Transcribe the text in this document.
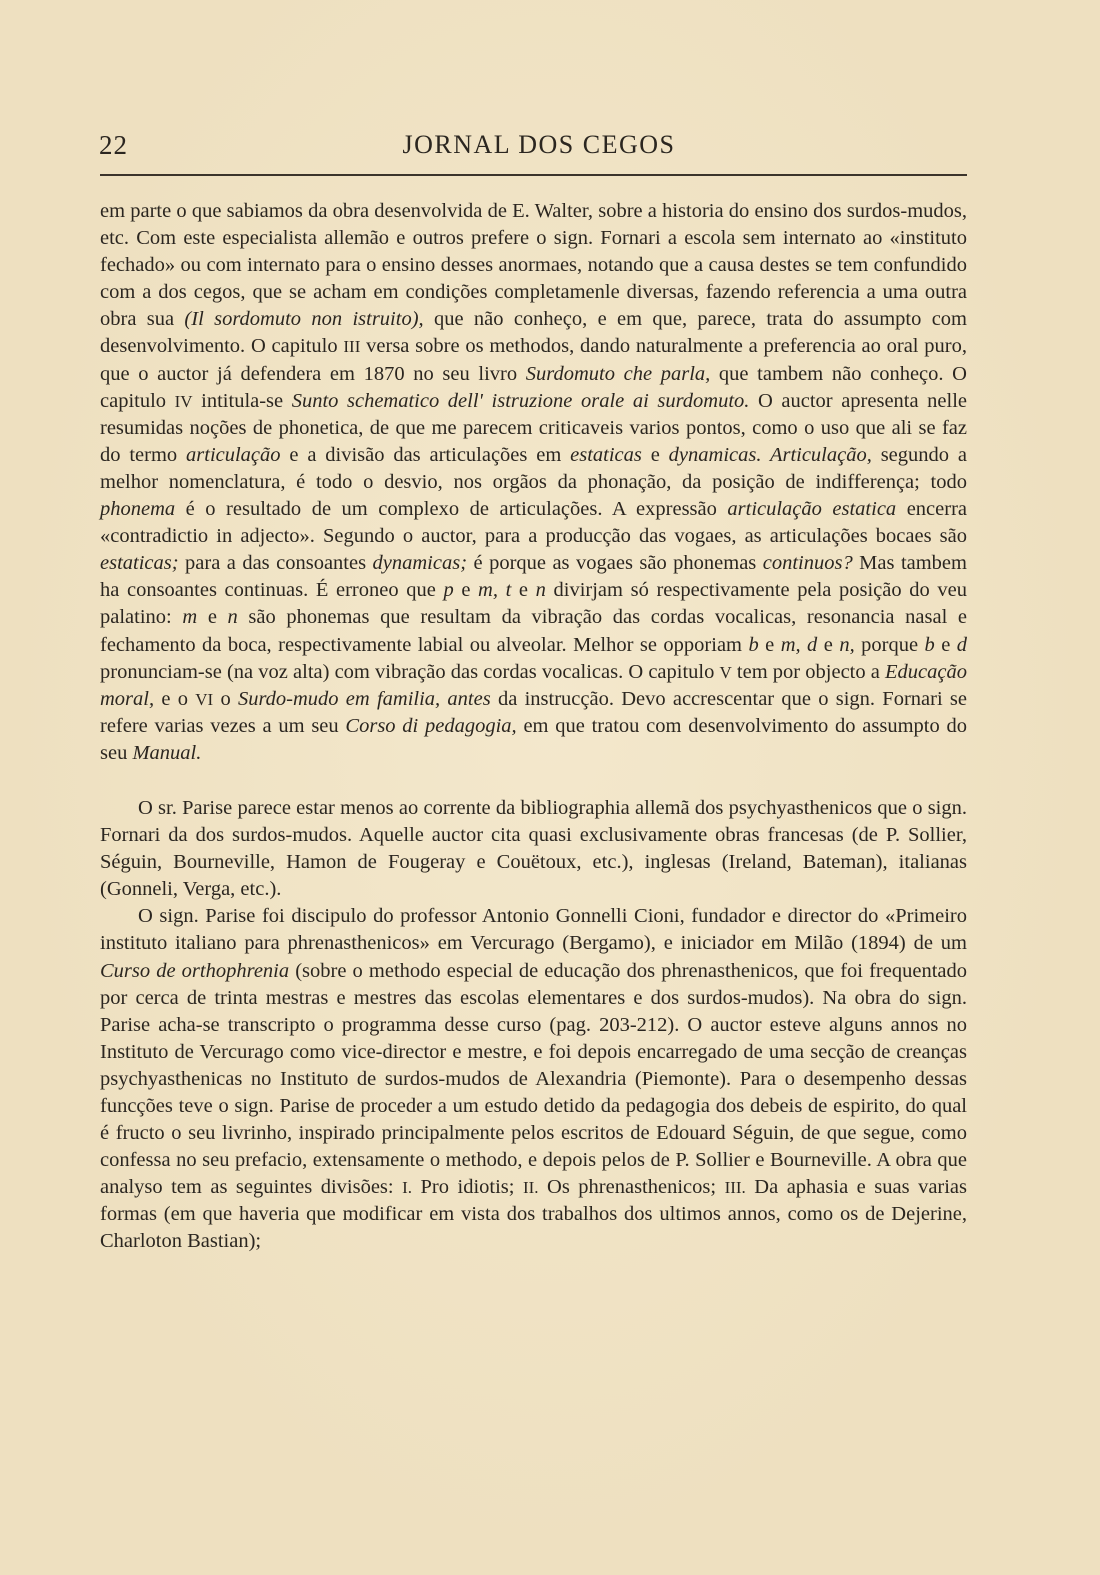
22	JORNAL DOS CEGOS

em parte o que sabiamos da obra desenvolvida de E. Walter, sobre a historia do ensino dos surdos-mudos, etc. Com este especialista allemão e outros prefere o sign. Fornari a escola sem internato ao «instituto fechado» ou com internato para o ensino desses anormaes, notando que a causa destes se tem confundido com a dos cegos, que se acham em condições completamenle diversas, fazendo referencia a uma outra obra sua (Il sordomuto non istruito), que não conheço, e em que, parece, trata do assumpto com desenvolvimento. O capitulo III versa sobre os methodos, dando naturalmente a preferencia ao oral puro, que o auctor já defendera em 1870 no seu livro Surdomuto che parla, que tambem não conheço. O capitulo IV intitula-se Sunto schematico dell' istruzione orale ai surdomuto. O auctor apresenta nelle resumidas noções de phonetica, de que me parecem criticaveis varios pontos, como o uso que ali se faz do termo articulação e a divisão das articulações em estaticas e dynamicas. Articulação, segundo a melhor nomenclatura, é todo o desvio, nos orgãos da phonação, da posição de indifferença; todo phonema é o resultado de um complexo de articulações. A expressão articulação estatica encerra «contradictio in adjecto». Segundo o auctor, para a producção das vogaes, as articulações bocaes são estaticas; para a das consoantes dynamicas; é porque as vogaes são phonemas continuos? Mas tambem ha consoantes continuas. É erroneo que p e m, t e n divirjam só respectivamente pela posição do veu palatino: m e n são phonemas que resultam da vibração das cordas vocalicas, resonancia nasal e fechamento da boca, respectivamente labial ou alveolar. Melhor se opporiam b e m, d e n, porque b e d pronunciam-se (na voz alta) com vibração das cordas vocalicas. O capitulo V tem por objecto a Educação moral, e o VI o Surdo-mudo em familia, antes da instrucção. Devo accrescentar que o sign. Fornari se refere varias vezes a um seu Corso di pedagogia, em que tratou com desenvolvimento do assumpto do seu Manual.

O sr. Parise parece estar menos ao corrente da bibliographia allemã dos psychyasthenicos que o sign. Fornari da dos surdos-mudos. Aquelle auctor cita quasi exclusivamente obras francesas (de P. Sollier, Séguin, Bourneville, Hamon de Fougeray e Couëtoux, etc.), inglesas (Ireland, Bateman), italianas (Gonneli, Verga, etc.).

O sign. Parise foi discipulo do professor Antonio Gonnelli Cioni, fundador e director do «Primeiro instituto italiano para phrenasthenicos» em Vercurago (Bergamo), e iniciador em Milão (1894) de um Curso de orthophrenia (sobre o methodo especial de educação dos phrenasthenicos, que foi frequentado por cerca de trinta mestras e mestres das escolas elementares e dos surdos-mudos). Na obra do sign. Parise acha-se transcripto o programma desse curso (pag. 203-212). O auctor esteve alguns annos no Instituto de Vercurago como vice-director e mestre, e foi depois encarregado de uma secção de creanças psychyasthenicas no Instituto de surdos-mudos de Alexandria (Piemonte). Para o desempenho dessas funcções teve o sign. Parise de proceder a um estudo detido da pedagogia dos debeis de espirito, do qual é fructo o seu livrinho, inspirado principalmente pelos escritos de Edouard Séguin, de que segue, como confessa no seu prefacio, extensamente o methodo, e depois pelos de P. Sollier e Bourneville. A obra que analyso tem as seguintes divisões: I. Pro idiotis; II. Os phrenasthenicos; III. Da aphasia e suas varias formas (em que haveria que modificar em vista dos trabalhos dos ultimos annos, como os de Dejerine, Charloton Bastian);
